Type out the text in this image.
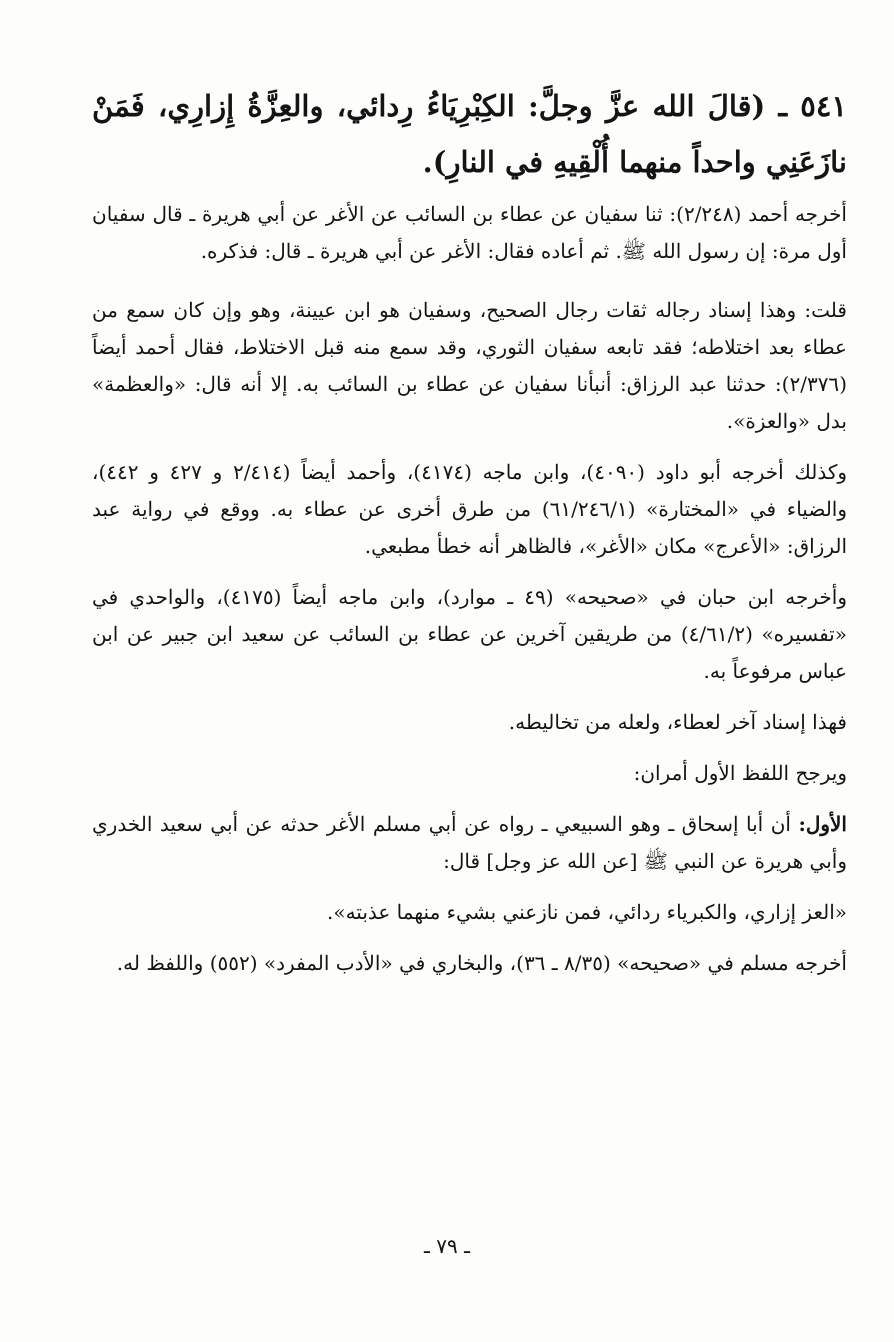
٥٤١ ـ (قالَ الله عزَّ وجلَّ: الكِبْرِيَاءُ رِدائي، والعِزَّةُ إِزارِي، فَمَنْ نازَعَنِي واحداً منهما أُلْقِيهِ في النارِ).

أخرجه أحمد (٢/٢٤٨): ثنا سفيان عن عطاء بن السائب عن الأغر عن أبي هريرة ـ قال سفيان أول مرة: إن رسول الله ﷺ. ثم أعاده فقال: الأغر عن أبي هريرة ـ قال: فذكره.

قلت: وهذا إسناد رجاله ثقات رجال الصحيح، وسفيان هو ابن عيينة، وهو وإن كان سمع من عطاء بعد اختلاطه؛ فقد تابعه سفيان الثوري، وقد سمع منه قبل الاختلاط، فقال أحمد أيضاً (٢/٣٧٦): حدثنا عبد الرزاق: أنبأنا سفيان عن عطاء بن السائب به. إلا أنه قال: «والعظمة» بدل «والعزة».

وكذلك أخرجه أبو داود (٤٠٩٠)، وابن ماجه (٤١٧٤)، وأحمد أيضاً (٢/٤١٤ و ٤٢٧ و ٤٤٢)، والضياء في «المختارة» (٦١/٢٤٦/١) من طرق أخرى عن عطاء به. ووقع في رواية عبد الرزاق: «الأعرج» مكان «الأغر»، فالظاهر أنه خطأ مطبعي.

وأخرجه ابن حبان في «صحيحه» (٤٩ ـ موارد)، وابن ماجه أيضاً (٤١٧٥)، والواحدي في «تفسيره» (٤/٦١/٢) من طريقين آخرين عن عطاء بن السائب عن سعيد ابن جبير عن ابن عباس مرفوعاً به.

فهذا إسناد آخر لعطاء، ولعله من تخاليطه.

ويرجح اللفظ الأول أمران:

الأول: أن أبا إسحاق ـ وهو السبيعي ـ رواه عن أبي مسلم الأغر حدثه عن أبي سعيد الخدري وأبي هريرة عن النبي ﷺ [عن الله عز وجل] قال:

«العز إزاري، والكبرياء ردائي، فمن نازعني بشيء منهما عذبته».

أخرجه مسلم في «صحيحه» (٨/٣٥ ـ ٣٦)، والبخاري في «الأدب المفرد» (٥٥٢) واللفظ له.

ـ ٧٩ ـ
